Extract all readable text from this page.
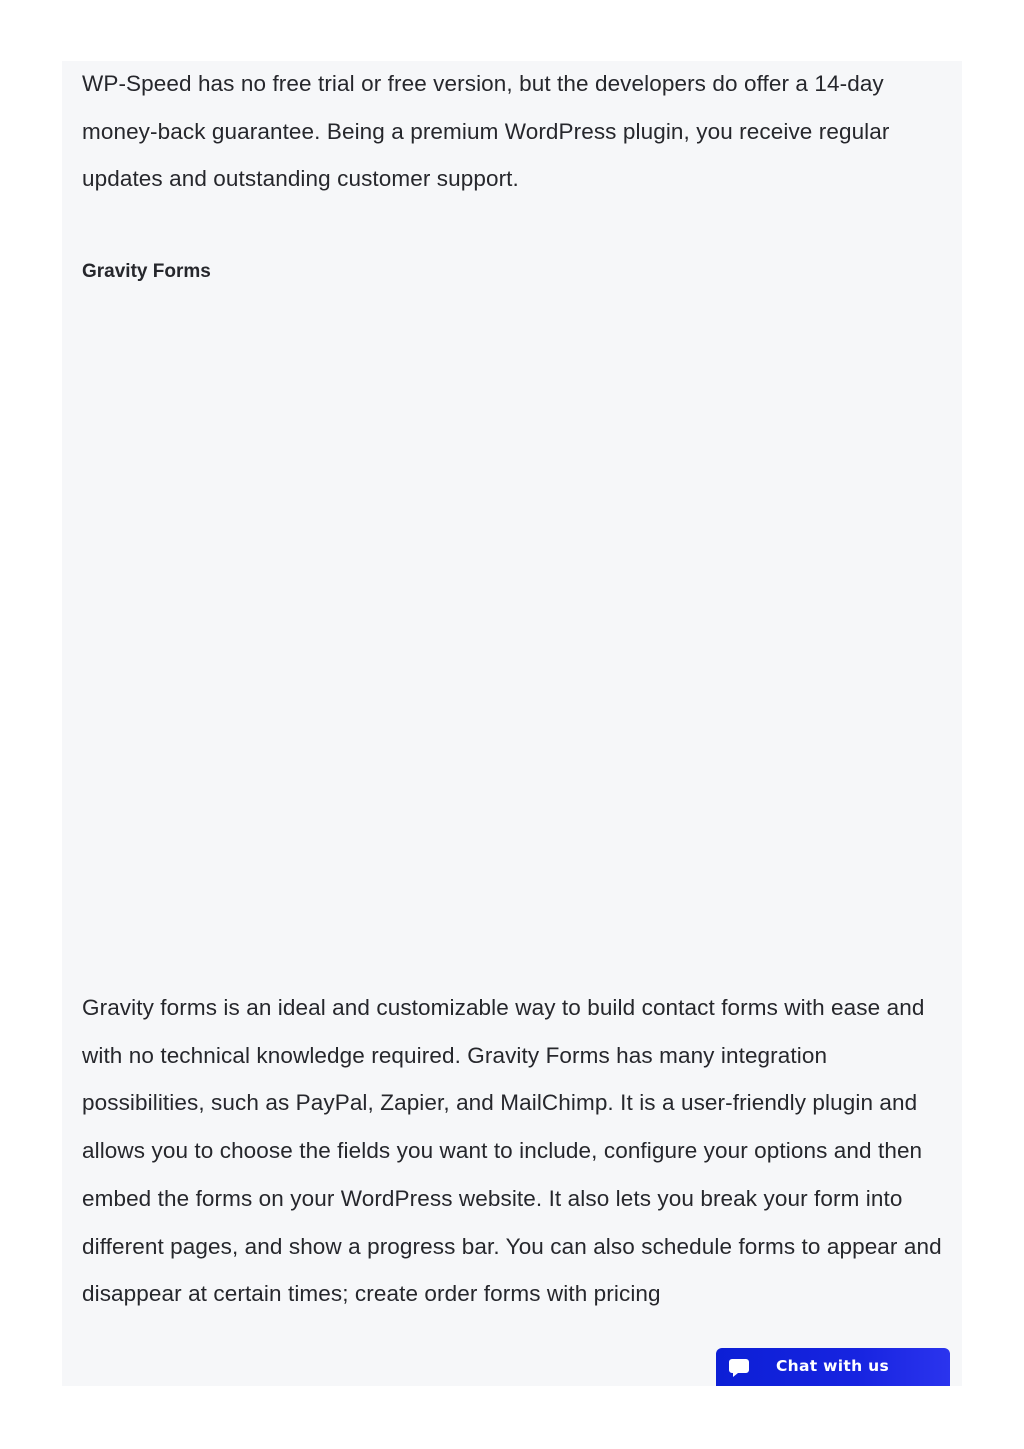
WP-Speed has no free trial or free version, but the developers do offer a 14-day money-back guarantee. Being a premium WordPress plugin, you receive regular updates and outstanding customer support.

Gravity Forms

Gravity forms is an ideal and customizable way to build contact forms with ease and with no technical knowledge required. Gravity Forms has many integration possibilities, such as PayPal, Zapier, and MailChimp. It is a user-friendly plugin and allows you to choose the fields you want to include, configure your options and then embed the forms on your WordPress website. It also lets you break your form into different pages, and show a progress bar. You can also schedule forms to appear and disappear at certain times; create order forms with pricing

Chat with us
